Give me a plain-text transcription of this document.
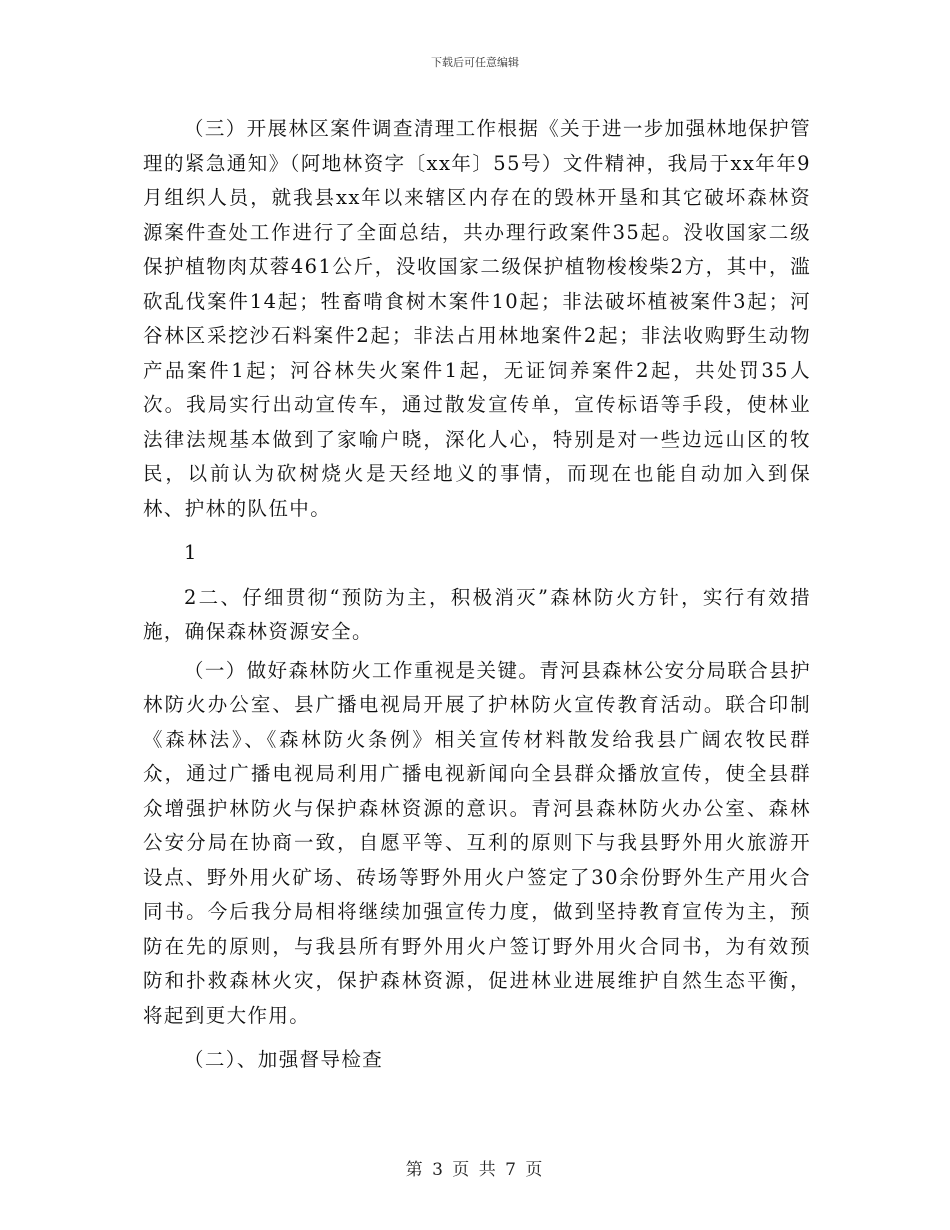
下载后可任意编辑

（三）开展林区案件调查清理工作根据《关于进一步加强林地保护管理的紧急通知》（阿地林资字〔xx年〕55号）文件精神，我局于xx年年9月组织人员，就我县xx年以来辖区内存在的毁林开垦和其它破坏森林资源案件查处工作进行了全面总结，共办理行政案件35起。没收国家二级保护植物肉苁蓉461公斤，没收国家二级保护植物梭梭柴2方，其中，滥砍乱伐案件14起；牲畜啃食树木案件10起；非法破坏植被案件3起；河谷林区采挖沙石料案件2起；非法占用林地案件2起；非法收购野生动物产品案件1起；河谷林失火案件1起，无证饲养案件2起，共处罚35人次。我局实行出动宣传车，通过散发宣传单，宣传标语等手段，使林业法律法规基本做到了家喻户晓，深化人心，特别是对一些边远山区的牧民，以前认为砍树烧火是天经地义的事情，而现在也能自动加入到保林、护林的队伍中。

1

2二、仔细贯彻“预防为主，积极消灭”森林防火方针，实行有效措施，确保森林资源安全。

（一）做好森林防火工作重视是关键。青河县森林公安分局联合县护林防火办公室、县广播电视局开展了护林防火宣传教育活动。联合印制《森林法》、《森林防火条例》相关宣传材料散发给我县广阔农牧民群众，通过广播电视局利用广播电视新闻向全县群众播放宣传，使全县群众增强护林防火与保护森林资源的意识。青河县森林防火办公室、森林公安分局在协商一致，自愿平等、互利的原则下与我县野外用火旅游开设点、野外用火矿场、砖场等野外用火户签定了30余份野外生产用火合同书。今后我分局相将继续加强宣传力度，做到坚持教育宣传为主，预防在先的原则，与我县所有野外用火户签订野外用火合同书，为有效预防和扑救森林火灾，保护森林资源，促进林业进展维护自然生态平衡，将起到更大作用。

（二）、加强督导检查

第 3 页 共 7 页
